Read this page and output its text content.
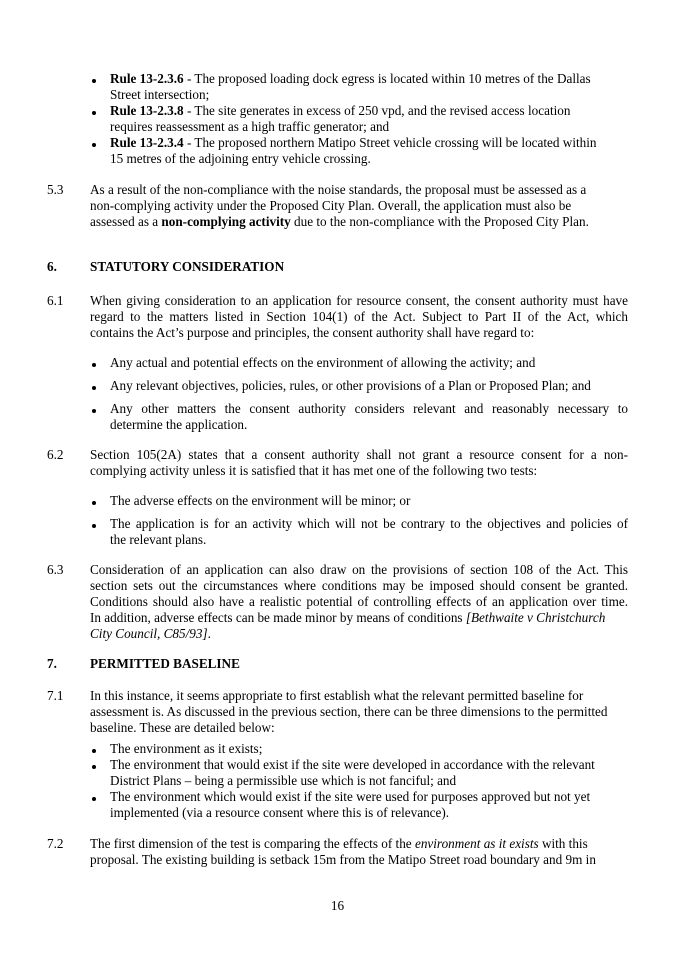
Rule 13-2.3.6 - The proposed loading dock egress is located within 10 metres of the Dallas
Street intersection;
Rule 13-2.3.8 - The site generates in excess of 250 vpd, and the revised access location
requires reassessment as a high traffic generator; and
Rule 13-2.3.4 - The proposed northern Matipo Street vehicle crossing will be located within
15 metres of the adjoining entry vehicle crossing.
5.3 As a result of the non-compliance with the noise standards, the proposal must be assessed as a
non-complying activity under the Proposed City Plan. Overall, the application must also be
assessed as a non-complying activity due to the non-compliance with the Proposed City Plan.
6.	STATUTORY CONSIDERATION
6.1 When giving consideration to an application for resource consent, the consent authority must have
regard to the matters listed in Section 104(1) of the Act. Subject to Part II of the Act, which
contains the Act’s purpose and principles, the consent authority shall have regard to:
Any actual and potential effects on the environment of allowing the activity; and
Any relevant objectives, policies, rules, or other provisions of a Plan or Proposed Plan; and
Any other matters the consent authority considers relevant and reasonably necessary to
determine the application.
6.2 Section 105(2A) states that a consent authority shall not grant a resource consent for a non-
complying activity unless it is satisfied that it has met one of the following two tests:
The adverse effects on the environment will be minor; or
The application is for an activity which will not be contrary to the objectives and policies of
the relevant plans.
6.3 Consideration of an application can also draw on the provisions of section 108 of the Act. This
section sets out the circumstances where conditions may be imposed should consent be granted.
Conditions should also have a realistic potential of controlling effects of an application over time.
In addition, adverse effects can be made minor by means of conditions [Bethwaite v Christchurch
City Council, C85/93].
7.	PERMITTED BASELINE
7.1 In this instance, it seems appropriate to first establish what the relevant permitted baseline for
assessment is. As discussed in the previous section, there can be three dimensions to the permitted
baseline. These are detailed below:
The environment as it exists;
The environment that would exist if the site were developed in accordance with the relevant
District Plans – being a permissible use which is not fanciful; and
The environment which would exist if the site were used for purposes approved but not yet
implemented (via a resource consent where this is of relevance).
7.2 The first dimension of the test is comparing the effects of the environment as it exists with this
proposal. The existing building is setback 15m from the Matipo Street road boundary and 9m in
16
